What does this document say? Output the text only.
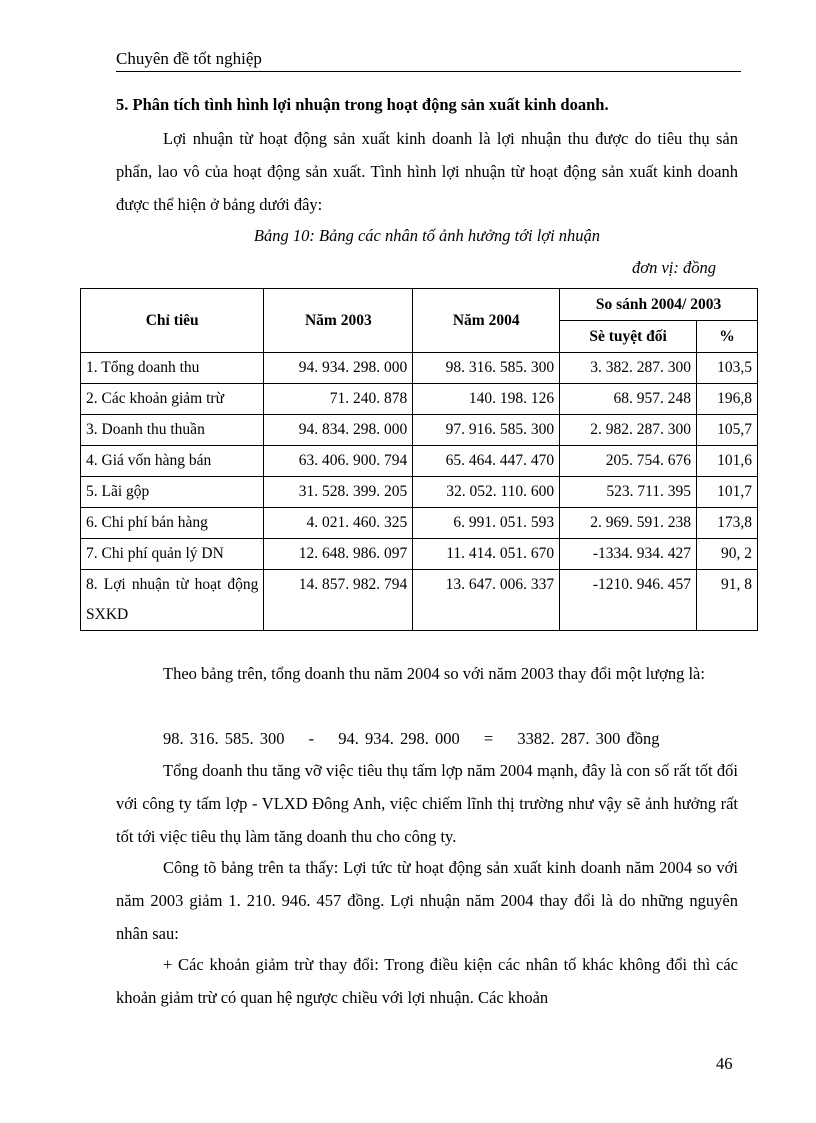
Chuyên đề tốt nghiệp
5. Phân tích tình hình lợi nhuận trong hoạt động sản xuất kinh doanh.

Lợi nhuận từ hoạt động sản xuất kinh doanh là lợi nhuận thu được do tiêu thụ sản phẩn, lao vô của hoạt động sản xuất. Tình hình lợi nhuận từ hoạt động sản xuất kinh doanh được thể hiện ở bảng dưới đây:

Bảng 10: Bảng các nhân tố ảnh hưởng tới lợi nhuận
đơn vị: đồng
Chỉ tiêu	Năm 2003	Năm 2004	So sánh 2004/ 2003	
			Sè tuyệt đối	%
1. Tổng doanh thu	94. 934. 298. 000	98. 316. 585. 300	3. 382. 287. 300	103,5
2. Các khoản giảm trừ	71. 240. 878	140. 198. 126	68. 957. 248	196,8
3. Doanh thu thuần	94. 834. 298. 000	97. 916. 585. 300	2. 982. 287. 300	105,7
4. Giá vốn hàng bán	63. 406. 900. 794	65. 464. 447. 470	205. 754. 676	101,6
5. Lãi gộp	31. 528. 399. 205	32. 052. 110. 600	523. 711. 395	101,7
6. Chi phí bán hàng	4. 021. 460. 325	6. 991. 051. 593	2. 969. 591. 238	173,8
7. Chi phí quản lý DN	12. 648. 986. 097	11. 414. 051. 670	-1334. 934. 427	90, 2
8. Lợi nhuận từ hoạt động SXKD	14. 857. 982. 794	13. 647. 006. 337	-1210. 946. 457	91, 8

Theo bảng trên, tổng doanh thu năm 2004 so với năm 2003 thay đổi một lượng là:

98. 316. 585. 300 - 94. 934. 298. 000 = 3382. 287. 300 đồng

Tổng doanh thu tăng vỡ việc tiêu thụ tấm lợp năm 2004 mạnh, đây là con số rất tốt đối với công ty tấm lợp - VLXD Đông Anh, việc chiếm lĩnh thị trường như vậy sẽ ảnh hưởng rất tốt tới việc tiêu thụ làm tăng doanh thu cho công ty.

Công tõ bảng trên ta thấy: Lợi tức từ hoạt động sản xuất kinh doanh năm 2004 so với năm 2003 giảm 1. 210. 946. 457 đồng. Lợi nhuận năm 2004 thay đổi là do những nguyên nhân sau:

+ Các khoản giảm trừ thay đổi: Trong điều kiện các nhân tố khác không đổi thì các khoản giảm trừ có quan hệ ngược chiều với lợi nhuận. Các khoản

46
